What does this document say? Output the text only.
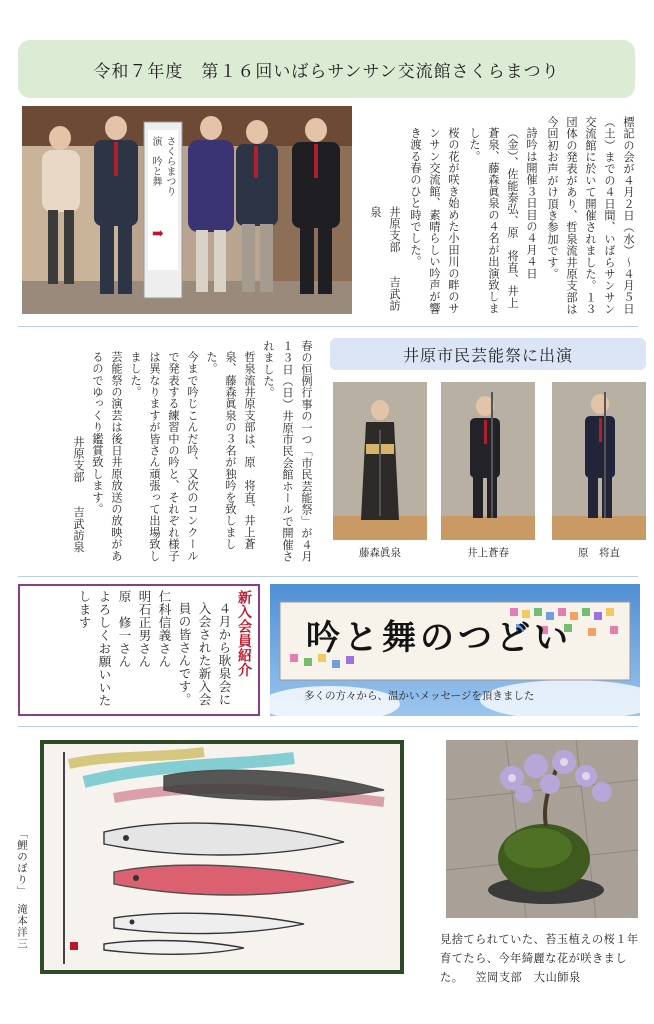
令和７年度　第１６回いばらサンサン交流館さくらまつり
さくらまつり
演　吟と舞
➡	標記の会が４月２日（水）～４月５日（土）までの４日間、いばらサンサン交流館に於いて開催されました。１３団体の発表があり、哲泉流井原支部は今回初お声がけ頂き参加です。

詩吟は開催３日目の４月４日（金）、佐能泰弘、原　将直、井上蒼泉、藤森眞泉の４名が出演致しました。

桜の花が咲き始めた小田川の畔のサンサン交流館、素晴らしい吟声が響き渡る春のひと時でした。

井原支部　　吉武訪泉

春の恒例行事の一つ「市民芸能祭」が４月１３日（日）井原市民会館ホールで開催されました。

哲泉流井原支部は、原　将直、井上蒼泉、藤森眞泉の３名が独吟を致しました。

今まで吟じこんだ吟、又次のコンクールで発表する練習中の吟と、それぞれ様子は異なりますが皆さん頑張って出場致しました。

芸能祭の演芸は後日井原放送の放映があるのでゆっくり鑑賞致します。

井原支部　　吉武訪泉

井原市民芸能祭に出演
藤森眞泉	井上蒼春	原　将直

新入会員紹介

４月から耿泉会に入会された新入会員の皆さんです。

仁科信義さん

明石正男さん

原　修一さん

よろしくお願いいたします

吟と舞のつどい
多くの方々から、温かいメッセージを頂きました
「鯉のぼり」　滝本洋三	見捨てられていた、苔玉植えの桜１年育てたら、今年綺麗な花が咲きました。 笠岡支部　大山師泉
